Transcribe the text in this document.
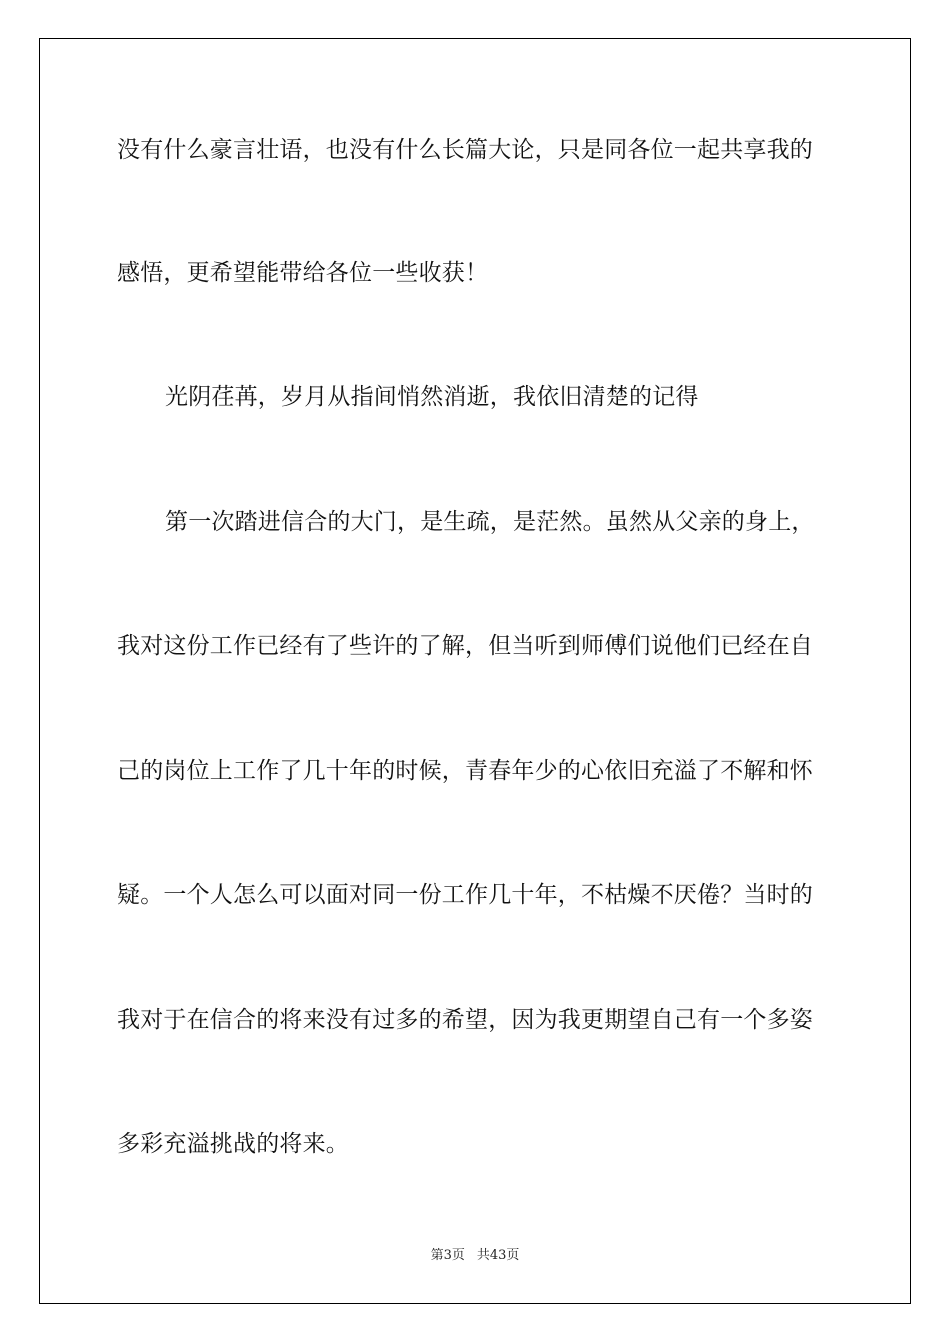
没有什么豪言壮语，也没有什么长篇大论，只是同各位一起共享我的

感悟，更希望能带给各位一些收获！

光阴荏苒，岁月从指间悄然消逝，我依旧清楚的记得

第一次踏进信合的大门，是生疏，是茫然。虽然从父亲的身上，

我对这份工作已经有了些许的了解，但当听到师傅们说他们已经在自

己的岗位上工作了几十年的时候，青春年少的心依旧充溢了不解和怀

疑。一个人怎么可以面对同一份工作几十年，不枯燥不厌倦？当时的

我对于在信合的将来没有过多的希望，因为我更期望自己有一个多姿

多彩充溢挑战的将来。

第3页 共43页
